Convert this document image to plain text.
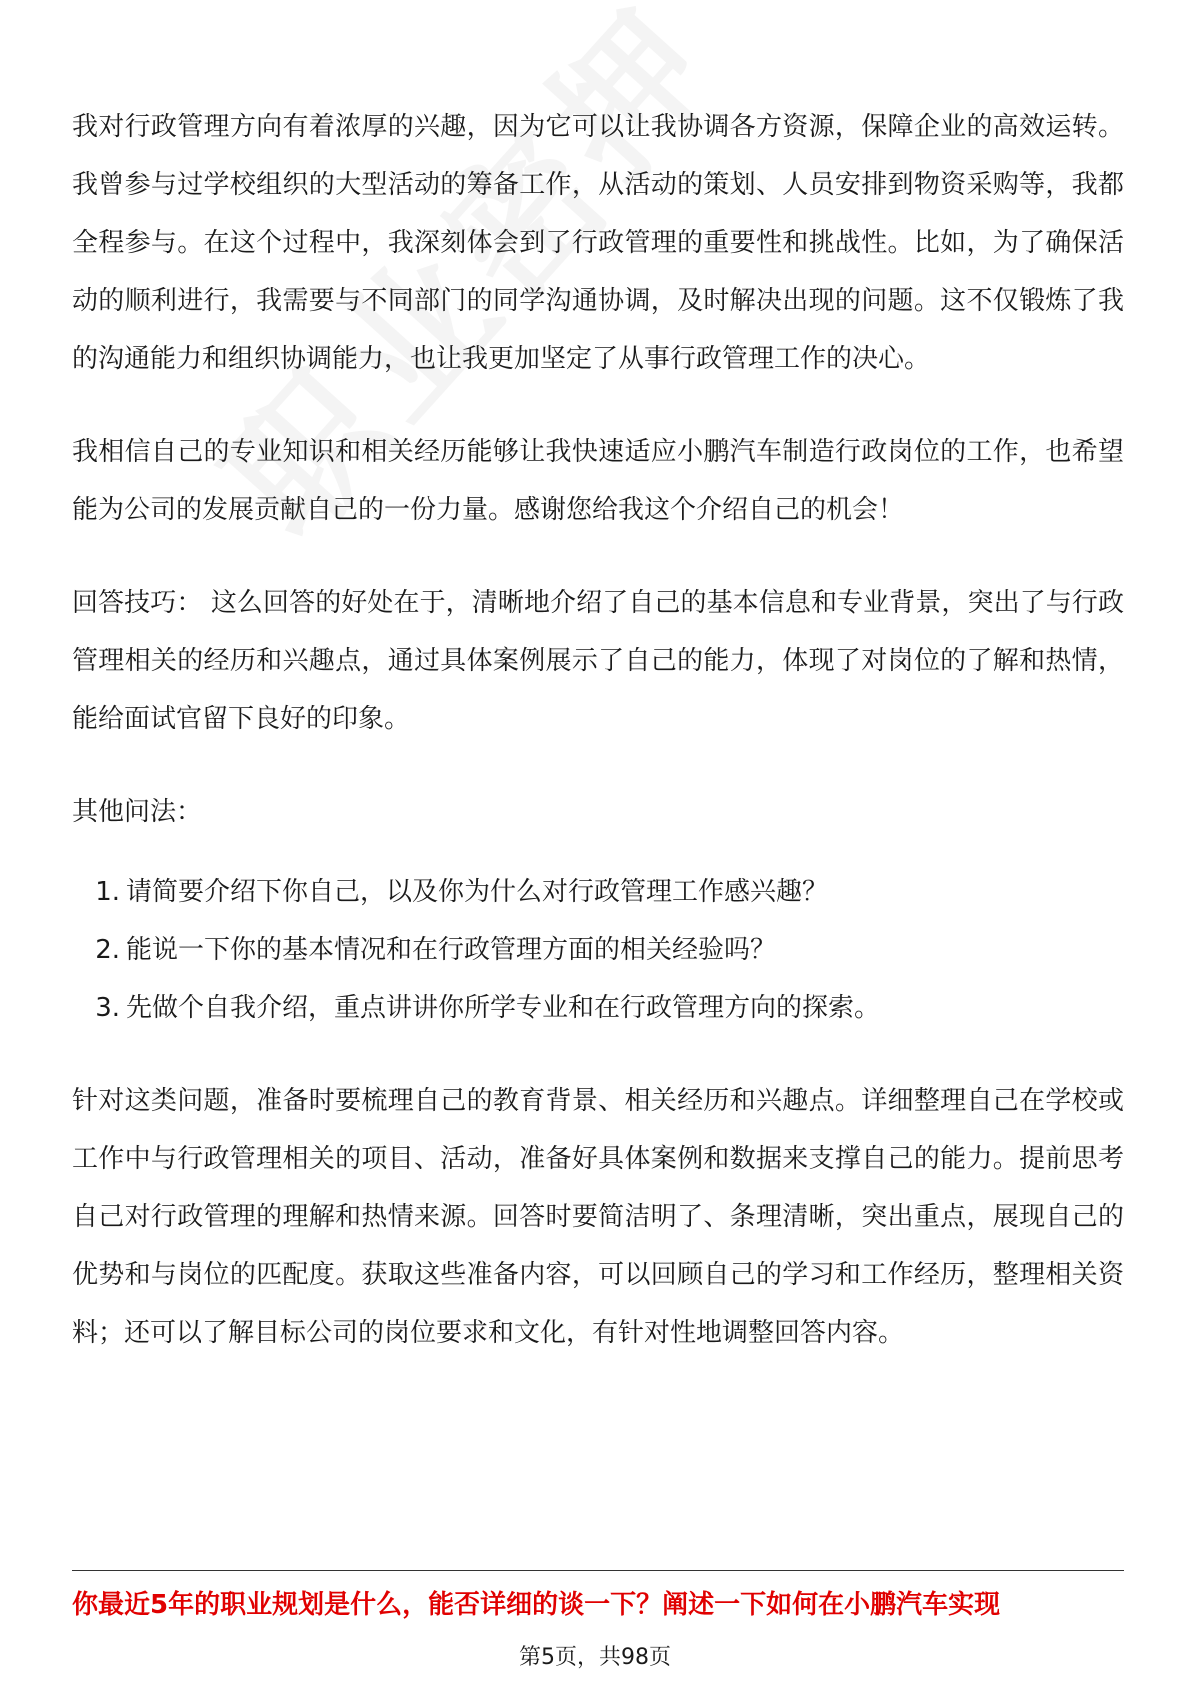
我对行政管理方向有着浓厚的兴趣，因为它可以让我协调各方资源，保障企业的高效运转。我曾参与过学校组织的大型活动的筹备工作，从活动的策划、人员安排到物资采购等，我都全程参与。在这个过程中，我深刻体会到了行政管理的重要性和挑战性。比如，为了确保活动的顺利进行，我需要与不同部门的同学沟通协调，及时解决出现的问题。这不仅锻炼了我的沟通能力和组织协调能力，也让我更加坚定了从事行政管理工作的决心。

我相信自己的专业知识和相关经历能够让我快速适应小鹏汽车制造行政岗位的工作，也希望能为公司的发展贡献自己的一份力量。感谢您给我这个介绍自己的机会！

回答技巧： 这么回答的好处在于，清晰地介绍了自己的基本信息和专业背景，突出了与行政管理相关的经历和兴趣点，通过具体案例展示了自己的能力，体现了对岗位的了解和热情，能给面试官留下良好的印象。

其他问法：

1. 请简要介绍下你自己，以及你为什么对行政管理工作感兴趣？
2. 能说一下你的基本情况和在行政管理方面的相关经验吗？
3. 先做个自我介绍，重点讲讲你所学专业和在行政管理方向的探索。

针对这类问题，准备时要梳理自己的教育背景、相关经历和兴趣点。详细整理自己在学校或工作中与行政管理相关的项目、活动，准备好具体案例和数据来支撑自己的能力。提前思考自己对行政管理的理解和热情来源。回答时要简洁明了、条理清晰，突出重点，展现自己的优势和与岗位的匹配度。获取这些准备内容，可以回顾自己的学习和工作经历，整理相关资料；还可以了解目标公司的岗位要求和文化，有针对性地调整回答内容。

你最近5年的职业规划是什么，能否详细的谈一下？阐述一下如何在小鹏汽车实现
第5页，共98页
